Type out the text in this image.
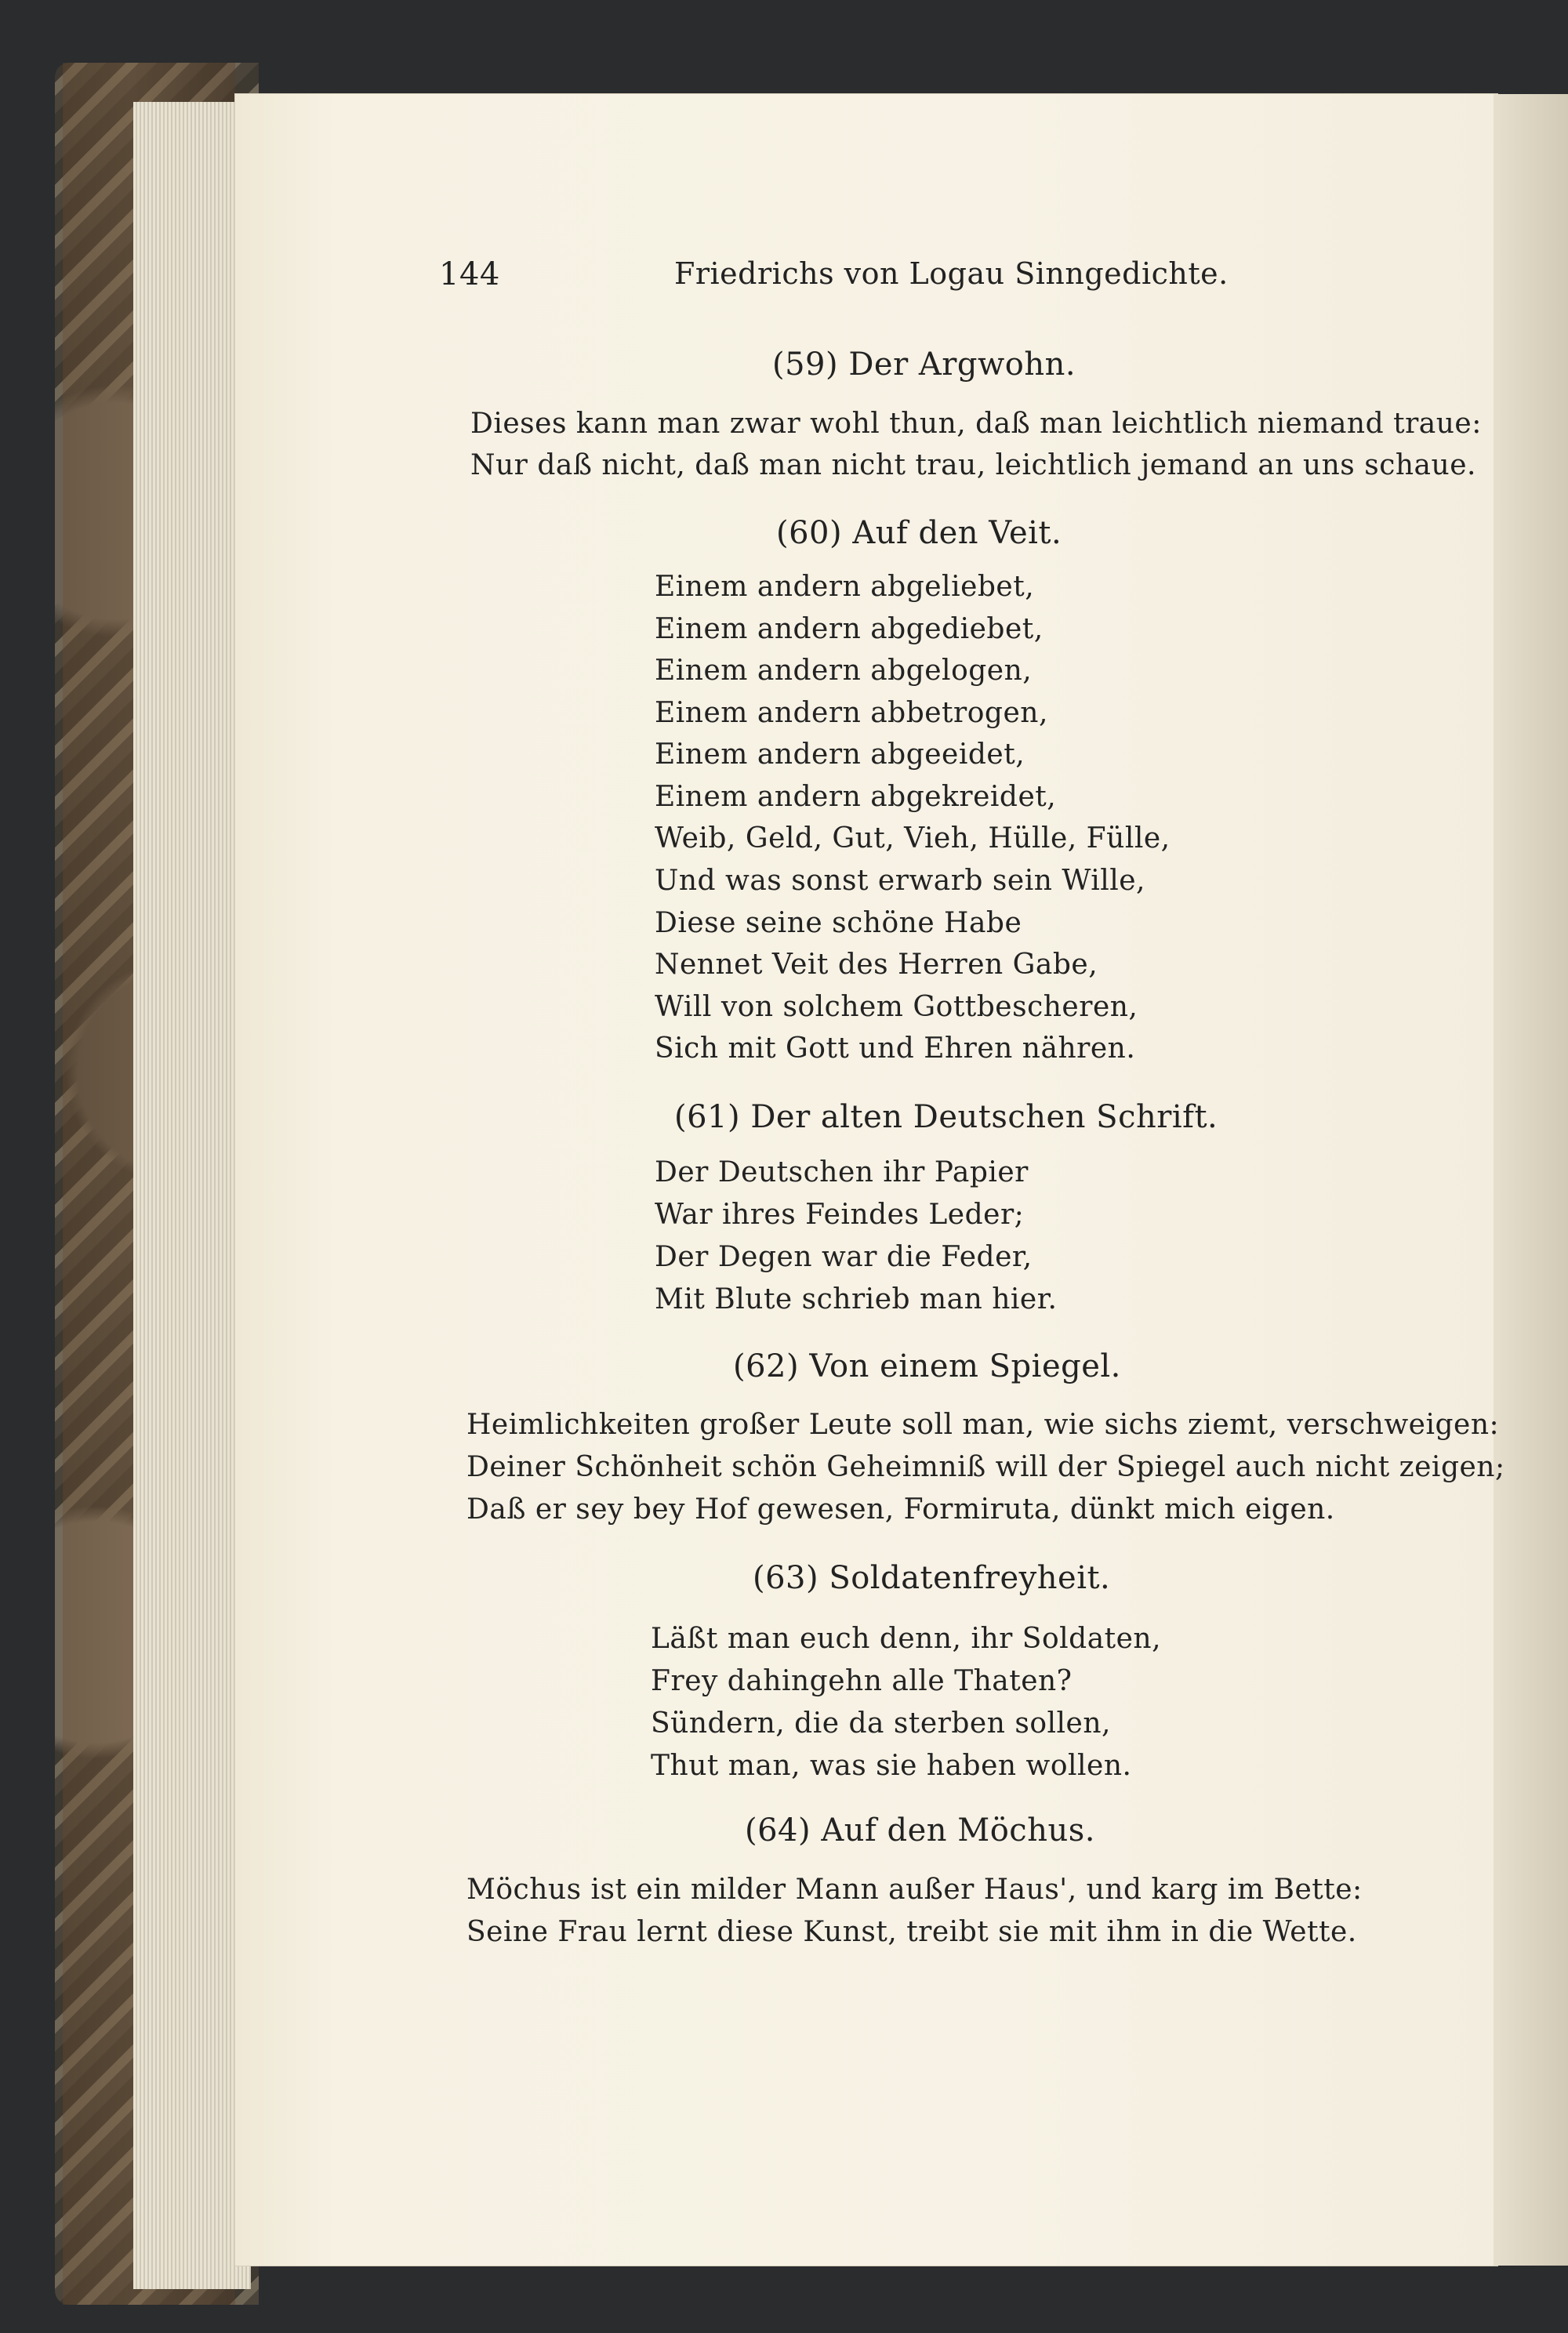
144	Friedrichs von Logau Sinngedichte.
(59) Der Argwohn.
Dieses kann man zwar wohl thun, daß man leichtlich niemand traue:
Nur daß nicht, daß man nicht trau, leichtlich jemand an uns schaue.
(60) Auf den Veit.
Einem andern abgeliebet,
Einem andern abgediebet,
Einem andern abgelogen,
Einem andern abbetrogen,
Einem andern abgeeidet,
Einem andern abgekreidet,
Weib, Geld, Gut, Vieh, Hülle, Fülle,
Und was sonst erwarb sein Wille,
Diese seine schöne Habe
Nennet Veit des Herren Gabe,
Will von solchem Gottbescheren,
Sich mit Gott und Ehren nähren.
(61) Der alten Deutschen Schrift.
Der Deutschen ihr Papier
War ihres Feindes Leder;
Der Degen war die Feder,
Mit Blute schrieb man hier.
(62) Von einem Spiegel.
Heimlichkeiten großer Leute soll man, wie sichs ziemt, verschweigen:
Deiner Schönheit schön Geheimniß will der Spiegel auch nicht zeigen;
Daß er sey bey Hof gewesen, Formiruta, dünkt mich eigen.
(63) Soldatenfreyheit.
Läßt man euch denn, ihr Soldaten,
Frey dahingehn alle Thaten?
Sündern, die da sterben sollen,
Thut man, was sie haben wollen.
(64) Auf den Möchus.
Möchus ist ein milder Mann außer Haus', und karg im Bette:
Seine Frau lernt diese Kunst, treibt sie mit ihm in die Wette.
